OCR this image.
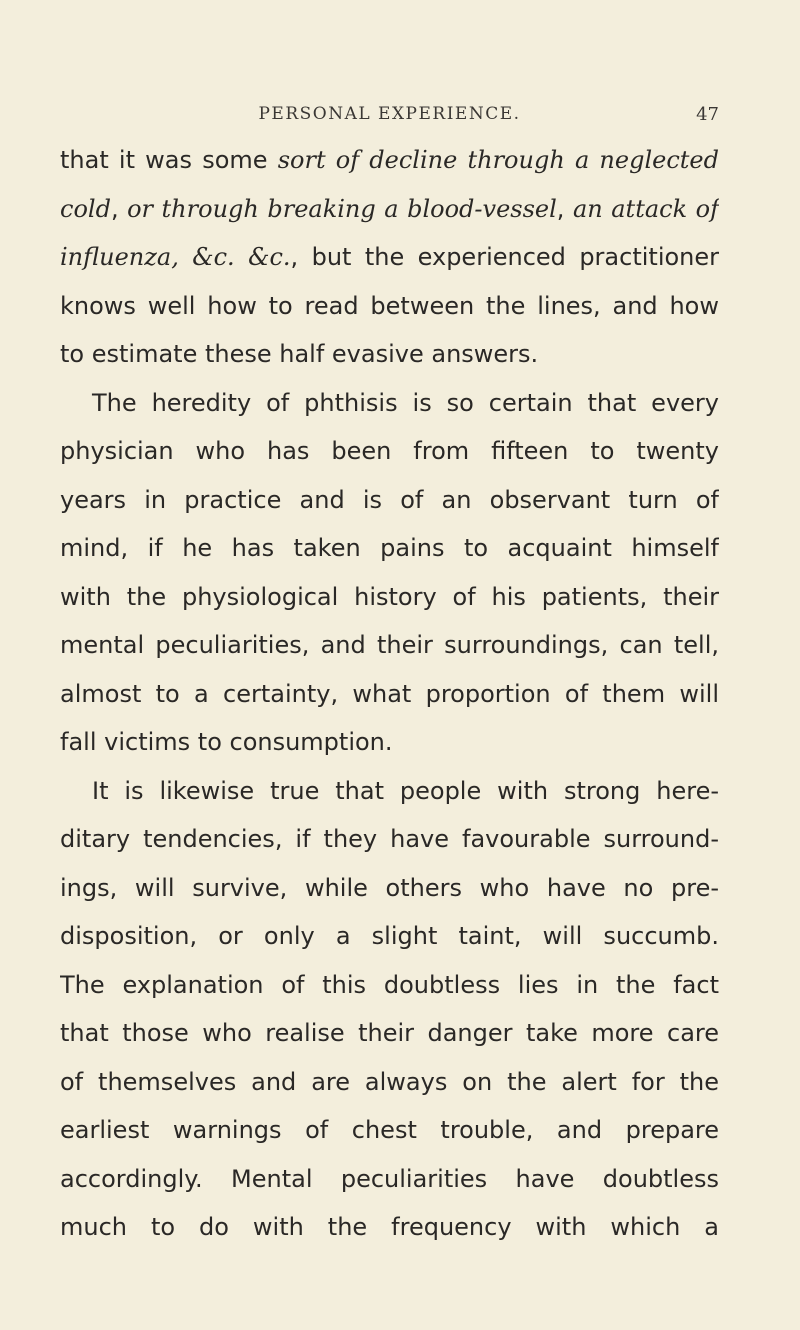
PERSONAL EXPERIENCE.	47
that it was some sort of decline through a neglected
cold, or through breaking a blood-vessel, an attack of
influenza, &c. &c., but the experienced practitioner
knows well how to read between the lines, and how
to estimate these half evasive answers.
The heredity of phthisis is so certain that every
physician who has been from fifteen to twenty
years in practice and is of an observant turn of
mind, if he has taken pains to acquaint himself
with the physiological history of his patients, their
mental peculiarities, and their surroundings, can tell,
almost to a certainty, what proportion of them will
fall victims to consumption.
It is likewise true that people with strong here-
ditary tendencies, if they have favourable surround-
ings, will survive, while others who have no pre-
disposition, or only a slight taint, will succumb.
The explanation of this doubtless lies in the fact
that those who realise their danger take more care
of themselves and are always on the alert for the
earliest warnings of chest trouble, and prepare
accordingly. Mental peculiarities have doubtless
much to do with the frequency with which a
